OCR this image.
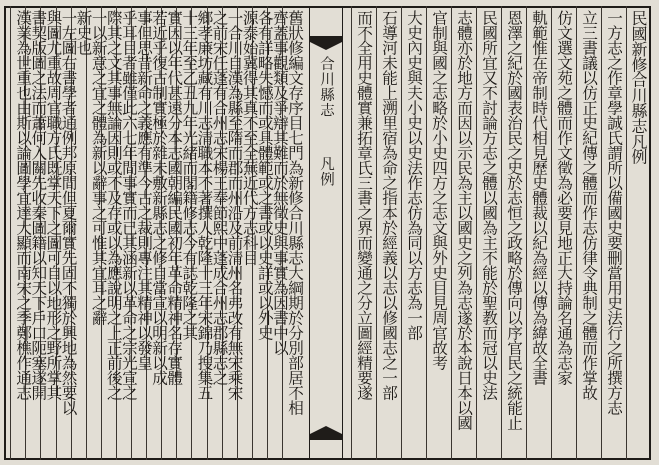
民國新修合川縣志凡例
一方志之作章學誠氏謂所以備國史要刪當用史法行之所撰方志
立三書議以仿正史紀傳之體而作志仿律令典制之體而作掌故
仿文選文苑之體而作文徵為必要見地正大持論名通為志家
軌範惟在帝制時代相見歷史體裁以紀為經以傳為緯故全書
恩澤之紀於國表治民之史於志恒之政略於傳向以序官民之統能止
民國所宜又不討論方志之體以國為主不能於聖教而冠以史法
志體亦於地方而因以示民為主以國史之列為志遂於本說日本以國
官制與國之志略於小史四方之志文與外史目見周官故考
大史內史與夫小史以史法作志仿為同以方志為一部
石導河未能上溯里宿為命之指本於經義以志以修國志之一部
而不全用史體實兼拓章氏三書之界而變通之分立圖經精要遂
合川縣志
凡例
舊狀修編文存序目七門為新修合川縣志大綱期於分別部居不相
齊蓋事觀類及爭辯其難而於無徵史與事實為因書中以
各有詳略失憾而或具體範或之書或以史詳或以外史
源泰始冀得其真不至全蕪近代方志科目
一合川自漢為縣至隋而郡而州沿及前清州名弗改有無宋乘宋
之前宋任蓬有合州志宋楊王奉節熙中蓬成合州志郡縣志之
鄉孝廉坊藏有川志清職本不著撰人乾隆十三年宋錦乃搜集五
十三年至乙丑九年光緒而閣籍修志今有誌乾隆之其
實因以年代甚遠分本志國朝編民國初年革命精神名存實體
若近乎復古制實極於雜未敷新縣志之修自當宣以明新以成
事但思昔新命之義應有準今古之裁則專注其精神以發皇
乎耳目者雖僅此六七年間事實而已其涵新以革命之宗光宣之
際其之文其事無論因則或不及存或以為應說明之上正前後之
一以新意之宜之體為新以辭事之可惟其宜耳之辭
新史也
一左圖右書學者通例邦原間但夏爾實先固不獨於興地為然要以
與圖尤重故周官職方氏既掌天下之圖可自以地形之野所掌其
書契版圖之法而蕭何入關先收秦圖籍以知天下戶口阨塞遂開
漢業為世重也由斯以論圖學宜達大顯而南宋之季鄭樵作通志
